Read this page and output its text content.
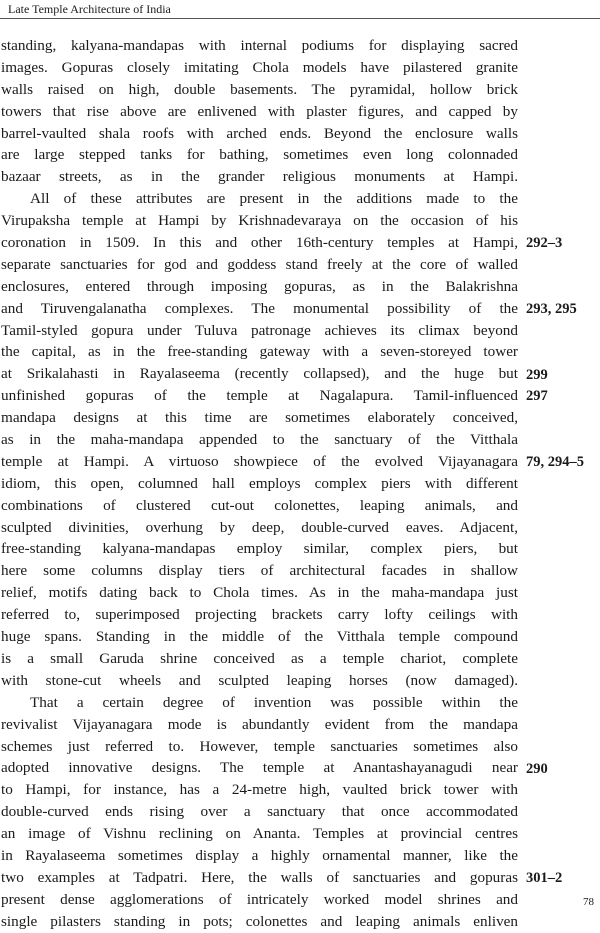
Late Temple Architecture of India
standing, kalyana-mandapas with internal podiums for displaying sacred
images. Gopuras closely imitating Chola models have pilastered granite
walls raised on high, double basements. The pyramidal, hollow brick
towers that rise above are enlivened with plaster figures, and capped by
barrel-vaulted shala roofs with arched ends. Beyond the enclosure walls
are large stepped tanks for bathing, sometimes even long colonnaded
bazaar streets, as in the grander religious monuments at Hampi.
All of these attributes are present in the additions made to the
Virupaksha temple at Hampi by Krishnadevaraya on the occasion of his
coronation in 1509. In this and other 16th-century temples at Hampi,
separate sanctuaries for god and goddess stand freely at the core of walled
enclosures, entered through imposing gopuras, as in the Balakrishna
and Tiruvengalanatha complexes. The monumental possibility of the
Tamil-styled gopura under Tuluva patronage achieves its climax beyond
the capital, as in the free-standing gateway with a seven-storeyed tower
at Srikalahasti in Rayalaseema (recently collapsed), and the huge but
unfinished gopuras of the temple at Nagalapura. Tamil-influenced
mandapa designs at this time are sometimes elaborately conceived,
as in the maha-mandapa appended to the sanctuary of the Vitthala
temple at Hampi. A virtuoso showpiece of the evolved Vijayanagara
idiom, this open, columned hall employs complex piers with different
combinations of clustered cut-out colonettes, leaping animals, and
sculpted divinities, overhung by deep, double-curved eaves. Adjacent,
free-standing kalyana-mandapas employ similar, complex piers, but
here some columns display tiers of architectural facades in shallow
relief, motifs dating back to Chola times. As in the maha-mandapa just
referred to, superimposed projecting brackets carry lofty ceilings with
huge spans. Standing in the middle of the Vitthala temple compound
is a small Garuda shrine conceived as a temple chariot, complete
with stone-cut wheels and sculpted leaping horses (now damaged).
That a certain degree of invention was possible within the
revivalist Vijayanagara mode is abundantly evident from the mandapa
schemes just referred to. However, temple sanctuaries sometimes also
adopted innovative designs. The temple at Anantashayanagudi near
to Hampi, for instance, has a 24-metre high, vaulted brick tower with
double-curved ends rising over a sanctuary that once accommodated
an image of Vishnu reclining on Ananta. Temples at provincial centres
in Rayalaseema sometimes display a highly ornamental manner, like the
two examples at Tadpatri. Here, the walls of sanctuaries and gopuras
present dense agglomerations of intricately worked model shrines and
single pilasters standing in pots; colonettes and leaping animals enliven
292–3
293, 295
299
297
79, 294–5
290
301–2
78
